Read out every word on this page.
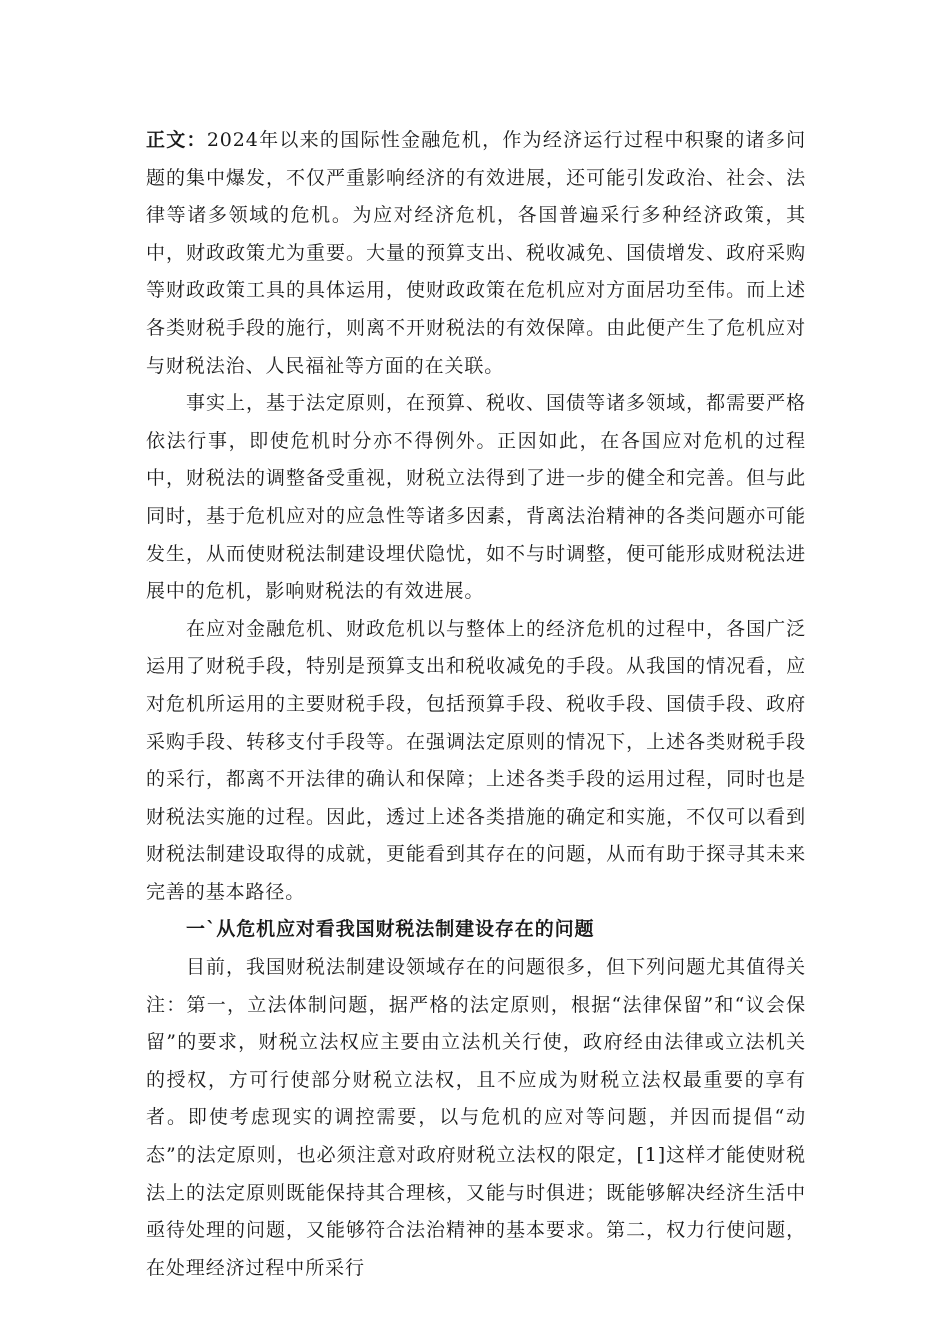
正文：2024年以来的国际性金融危机，作为经济运行过程中积聚的诸多问题的集中爆发，不仅严重影响经济的有效进展，还可能引发政治、社会、法律等诸多领域的危机。为应对经济危机，各国普遍采行多种经济政策，其中，财政政策尤为重要。大量的预算支出、税收减免、国债增发、政府采购等财政政策工具的具体运用，使财政政策在危机应对方面居功至伟。而上述各类财税手段的施行，则离不开财税法的有效保障。由此便产生了危机应对与财税法治、人民福祉等方面的在关联。

事实上，基于法定原则，在预算、税收、国债等诸多领域，都需要严格依法行事，即使危机时分亦不得例外。正因如此，在各国应对危机的过程中，财税法的调整备受重视，财税立法得到了进一步的健全和完善。但与此同时，基于危机应对的应急性等诸多因素，背离法治精神的各类问题亦可能发生，从而使财税法制建设埋伏隐忧，如不与时调整，便可能形成财税法进展中的危机，影响财税法的有效进展。

在应对金融危机、财政危机以与整体上的经济危机的过程中，各国广泛运用了财税手段，特别是预算支出和税收减免的手段。从我国的情况看，应对危机所运用的主要财税手段，包括预算手段、税收手段、国债手段、政府采购手段、转移支付手段等。在强调法定原则的情况下，上述各类财税手段的采行，都离不开法律的确认和保障；上述各类手段的运用过程，同时也是财税法实施的过程。因此，透过上述各类措施的确定和实施，不仅可以看到财税法制建设取得的成就，更能看到其存在的问题，从而有助于探寻其未来完善的基本路径。

一`从危机应对看我国财税法制建设存在的问题

目前，我国财税法制建设领域存在的问题很多，但下列问题尤其值得关注：第一，立法体制问题，据严格的法定原则，根据“法律保留”和“议会保留”的要求，财税立法权应主要由立法机关行使，政府经由法律或立法机关的授权，方可行使部分财税立法权，且不应成为财税立法权最重要的享有者。即使考虑现实的调控需要，以与危机的应对等问题，并因而提倡“动态”的法定原则，也必须注意对政府财税立法权的限定，[1]这样才能使财税法上的法定原则既能保持其合理核，又能与时俱进；既能够解决经济生活中亟待处理的问题，又能够符合法治精神的基本要求。第二，权力行使问题，在处理经济过程中所采行
